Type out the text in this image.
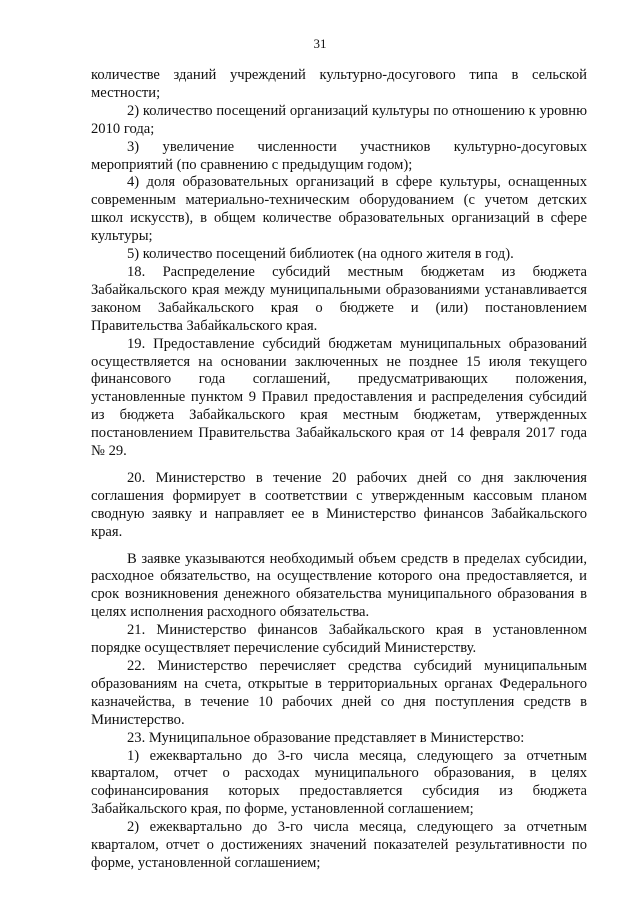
31

количестве зданий учреждений культурно-досугового типа в сельской местности;

2) количество посещений организаций культуры по отношению к уровню 2010 года;

3) увеличение численности участников культурно-досуговых мероприятий (по сравнению с предыдущим годом);

4) доля образовательных организаций в сфере культуры, оснащенных современным материально-техническим оборудованием (с учетом детских школ искусств), в общем количестве образовательных организаций в сфере культуры;

5) количество посещений библиотек (на одного жителя в год).

18. Распределение субсидий местным бюджетам из бюджета Забайкальского края между муниципальными образованиями устанавливается законом Забайкальского края о бюджете и (или) постановлением Правительства Забайкальского края.

19. Предоставление субсидий бюджетам муниципальных образований осуществляется на основании заключенных не позднее 15 июля текущего финансового года соглашений, предусматривающих положения, установленные пунктом 9 Правил предоставления и распределения субсидий из бюджета Забайкальского края местным бюджетам, утвержденных постановлением Правительства Забайкальского края от 14 февраля 2017 года № 29.

20. Министерство в течение 20 рабочих дней со дня заключения соглашения формирует в соответствии с утвержденным кассовым планом сводную заявку и направляет ее в Министерство финансов Забайкальского края.

В заявке указываются необходимый объем средств в пределах субсидии, расходное обязательство, на осуществление которого она предоставляется, и срок возникновения денежного обязательства муниципального образования в целях исполнения расходного обязательства.

21. Министерство финансов Забайкальского края в установленном порядке осуществляет перечисление субсидий Министерству.

22. Министерство перечисляет средства субсидий муниципальным образованиям на счета, открытые в территориальных органах Федерального казначейства, в течение 10 рабочих дней со дня поступления средств в Министерство.

23. Муниципальное образование представляет в Министерство:

1) ежеквартально до 3-го числа месяца, следующего за отчетным кварталом, отчет о расходах муниципального образования, в целях софинансирования которых предоставляется субсидия из бюджета Забайкальского края, по форме, установленной соглашением;

2) ежеквартально до 3-го числа месяца, следующего за отчетным кварталом, отчет о достижениях значений показателей результативности по форме, установленной соглашением;
